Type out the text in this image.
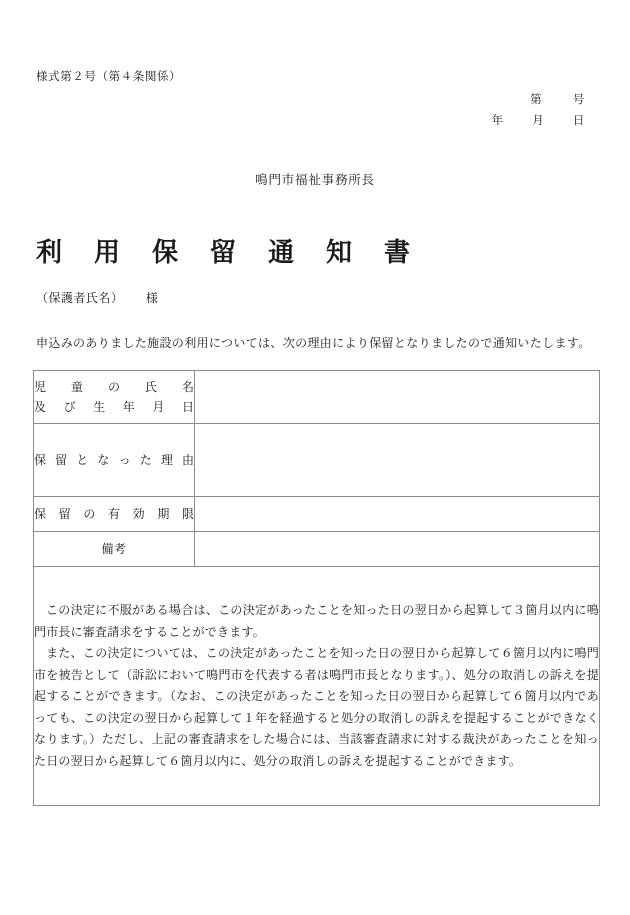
様式第２号（第４条関係）
第	号
年 月 日
鳴門市福祉事務所長
利用保留通知書
（保護者氏名） 様
申込みのありました施設の利用については、次の理由により保留となりましたので通知いたします。
児童の氏名
及び生年月日	

保留となった理由	

保留の有効期限	

備考	

この決定に不服がある場合は、この決定があったことを知った日の翌日から起算して３箇月以内に鳴門市長に審査請求をすることができます。

また、この決定については、この決定があったことを知った日の翌日から起算して６箇月以内に鳴門市を被告として（訴訟において鳴門市を代表する者は鳴門市長となります。）、処分の取消しの訴えを提起することができます。（なお、この決定があったことを知った日の翌日から起算して６箇月以内であっても、この決定の翌日から起算して１年を経過すると処分の取消しの訴えを提起することができなくなります。）ただし、上記の審査請求をした場合には、当該審査請求に対する裁決があったことを知った日の翌日から起算して６箇月以内に、処分の取消しの訴えを提起することができます。	
